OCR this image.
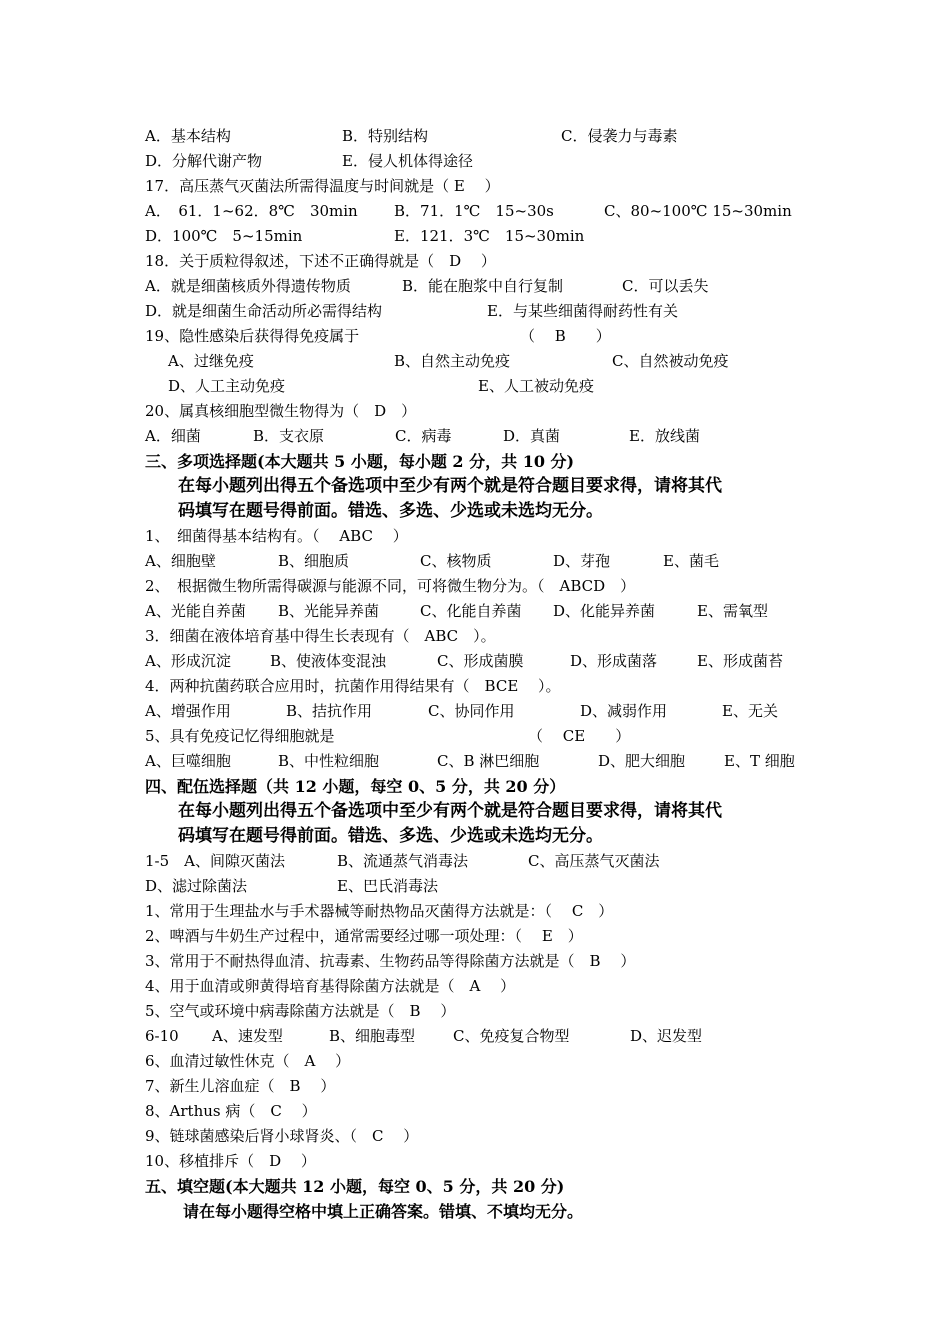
A．基本结构	B．特别结构	C．侵袭力与毒素
D．分解代谢产物	E．侵人机体得途径
17．高压蒸气灭菌法所需得温度与时间就是（ E　 ）
A．　61．1~62．8℃　30min B．71．1℃　15~30s	C、80~100℃ 15~30min
D．100℃　5~15min	E．121．3℃　15~30min
18．关于质粒得叙述，下述不正确得就是（　D　 ）
A．就是细菌核质外得遗传物质	B．能在胞浆中自行复制	C．可以丢失
D．就是细菌生命活动所必需得结构	E．与某些细菌得耐药性有关
19、隐性感染后获得得免疫属于	（　 B　　）
A、过继免疫	B、自然主动免疫	C、自然被动免疫
D、人工主动免疫	E、人工被动免疫
20、属真核细胞型微生物得为（　D　）
A．细菌	B．支衣原	C．病毒	D．真菌	E．放线菌
三、多项选择题(本大题共 5 小题，每小题 2 分，共 10 分)
在每小题列出得五个备选项中至少有两个就是符合题目要求得，请将其代
码填写在题号得前面。错选、多选、少选或未选均无分。
1、　细菌得基本结构有。（　 ABC　 ）
A、细胞壁	B、细胞质	C、核物质	D、芽孢	E、菌毛
2、　根据微生物所需得碳源与能源不同，可将微生物分为。（　ABCD　）
A、光能自养菌 B、光能异养菌	C、化能自养菌 D、化能异养菌	E、需氧型
3．细菌在液体培育基中得生长表现有（　ABC　）。
A、形成沉淀	B、使液体变混浊	C、形成菌膜	D、形成菌落	E、形成菌苔
4．两种抗菌药联合应用时，抗菌作用得结果有（　BCE　 ）。
A、增强作用	B、拮抗作用	C、协同作用	D、减弱作用	E、无关
5、具有免疫记忆得细胞就是	（　 CE　　）
A、巨噬细胞	B、中性粒细胞	C、B 淋巴细胞	D、肥大细胞	E、T 细胞
四、配伍选择题（共 12 小题，每空 0、5 分，共 20 分）
在每小题列出得五个备选项中至少有两个就是符合题目要求得，请将其代
码填写在题号得前面。错选、多选、少选或未选均无分。
1-5　A、间隙灭菌法	B、流通蒸气消毒法	C、高压蒸气灭菌法
D、滤过除菌法	E、巴氏消毒法
1、常用于生理盐水与手术器械等耐热物品灭菌得方法就是：（　 C　）
2、啤酒与牛奶生产过程中，通常需要经过哪一项处理：（　 E　）
3、常用于不耐热得血清、抗毒素、生物药品等得除菌方法就是（　B　 ）
4、用于血清或卵黄得培育基得除菌方法就是（　A　 ）
5、空气或环境中病毒除菌方法就是（　B　 ）
6-10 A、速发型	B、细胞毒型	C、免疫复合物型	D、迟发型
6、血清过敏性休克（　A　 ）
7、新生儿溶血症（　B　 ）
8、Arthus 病（　C　 ）
9、链球菌感染后肾小球肾炎、（　C　 ）
10、移植排斥（　D　 ）
五、填空题(本大题共 12 小题，每空 0、5 分，共 20 分)
请在每小题得空格中填上正确答案。错填、不填均无分。
